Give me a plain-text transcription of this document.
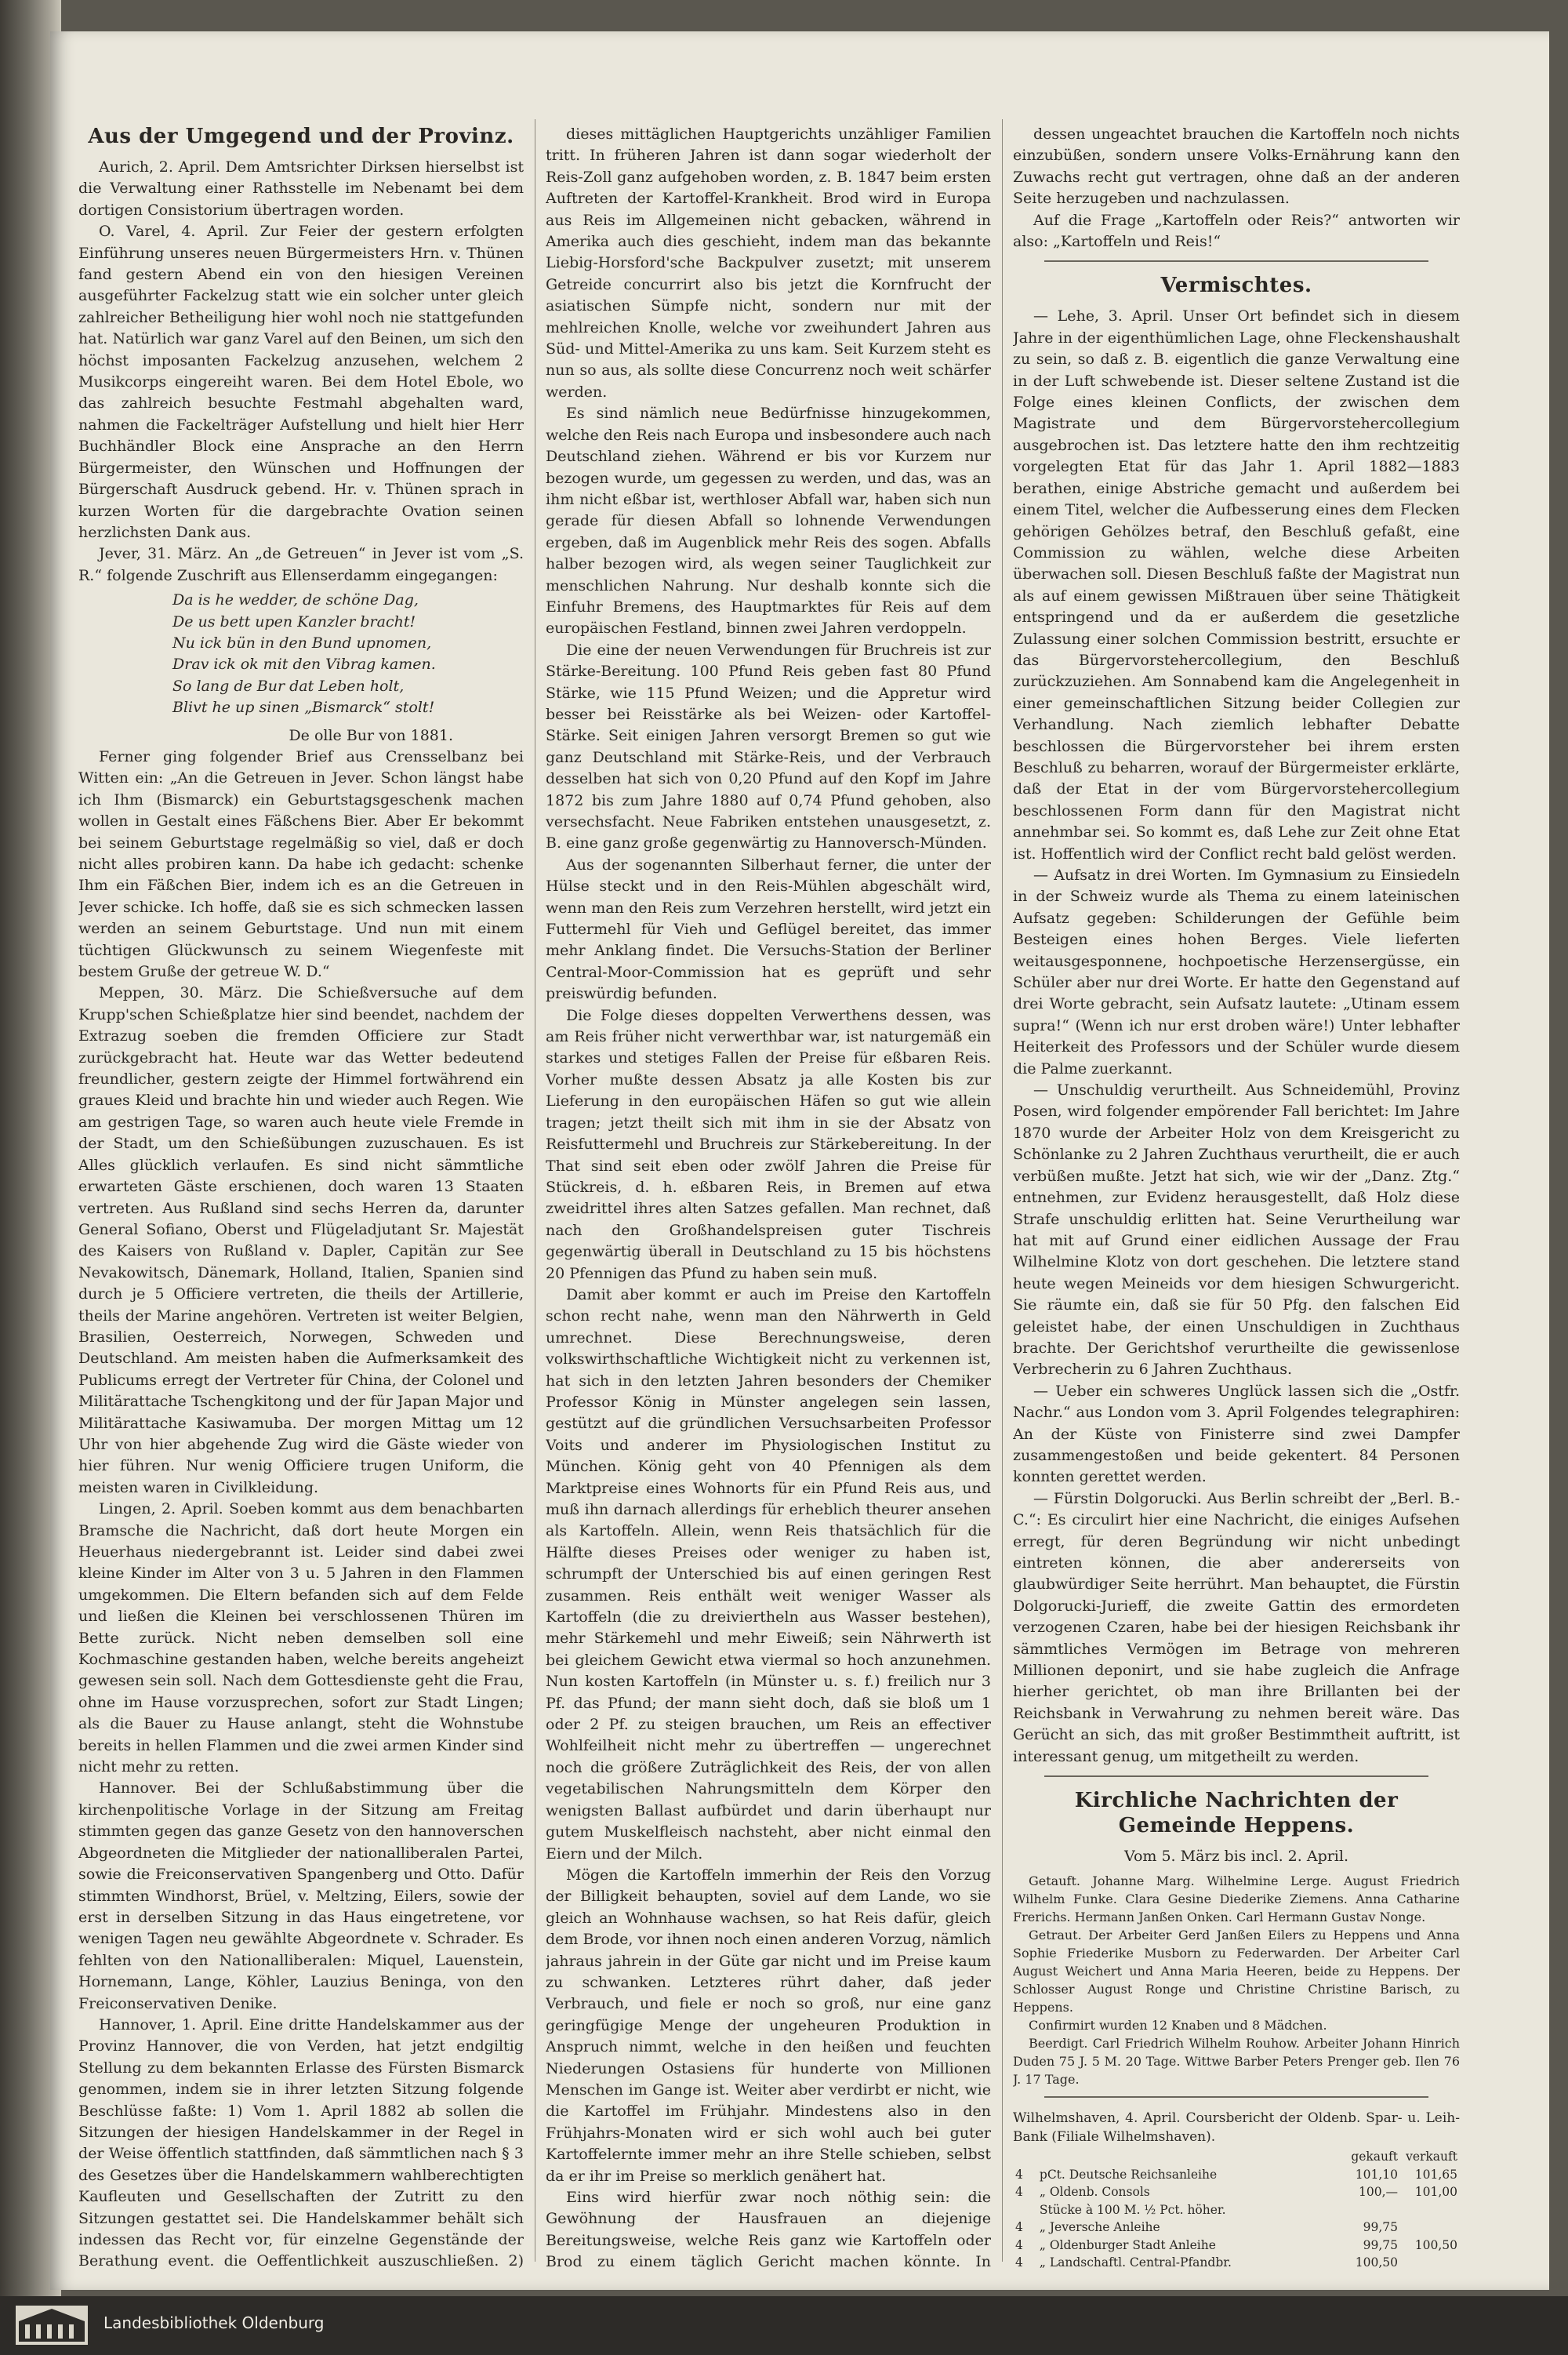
Aus der Umgegend und der Provinz.

Aurich, 2. April. Dem Amtsrichter Dirksen hierselbst ist die Verwaltung einer Rathsstelle im Nebenamt bei dem dortigen Consistorium übertragen worden.

O. Varel, 4. April. Zur Feier der gestern erfolgten Einführung unseres neuen Bürgermeisters Hrn. v. Thünen fand gestern Abend ein von den hiesigen Vereinen ausgeführter Fackelzug statt wie ein solcher unter gleich zahlreicher Betheiligung hier wohl noch nie stattgefunden hat. Natürlich war ganz Varel auf den Beinen, um sich den höchst imposanten Fackelzug anzusehen, welchem 2 Musikcorps eingereiht waren. Bei dem Hotel Ebole, wo das zahlreich besuchte Festmahl abgehalten ward, nahmen die Fackelträger Aufstellung und hielt hier Herr Buchhändler Block eine Ansprache an den Herrn Bürgermeister, den Wünschen und Hoffnungen der Bürgerschaft Ausdruck gebend. Hr. v. Thünen sprach in kurzen Worten für die dargebrachte Ovation seinen herzlichsten Dank aus.

Jever, 31. März. An „de Getreuen“ in Jever ist vom „S. R.“ folgende Zuschrift aus Ellenserdamm eingegangen:

Da is he wedder, de schöne Dag,
De us bett upen Kanzler bracht!
Nu ick bün in den Bund upnomen,
Drav ick ok mit den Vibrag kamen.
So lang de Bur dat Leben holt,
Blivt he up sinen „Bismarck“ stolt!
De olle Bur von 1881.

Ferner ging folgender Brief aus Crensselbanz bei Witten ein: „An die Getreuen in Jever. Schon längst habe ich Ihm (Bismarck) ein Geburtstagsgeschenk machen wollen in Gestalt eines Fäßchens Bier. Aber Er bekommt bei seinem Geburtstage regelmäßig so viel, daß er doch nicht alles probiren kann. Da habe ich gedacht: schenke Ihm ein Fäßchen Bier, indem ich es an die Getreuen in Jever schicke. Ich hoffe, daß sie es sich schmecken lassen werden an seinem Geburtstage. Und nun mit einem tüchtigen Glückwunsch zu seinem Wiegenfeste mit bestem Gruße der getreue W. D.“

Meppen, 30. März. Die Schießversuche auf dem Krupp'schen Schießplatze hier sind beendet, nachdem der Extrazug soeben die fremden Officiere zur Stadt zurückgebracht hat. Heute war das Wetter bedeutend freundlicher, gestern zeigte der Himmel fortwährend ein graues Kleid und brachte hin und wieder auch Regen. Wie am gestrigen Tage, so waren auch heute viele Fremde in der Stadt, um den Schießübungen zuzuschauen. Es ist Alles glücklich verlaufen. Es sind nicht sämmtliche erwarteten Gäste erschienen, doch waren 13 Staaten vertreten. Aus Rußland sind sechs Herren da, darunter General Sofiano, Oberst und Flügeladjutant Sr. Majestät des Kaisers von Rußland v. Dapler, Capitän zur See Nevakowitsch, Dänemark, Holland, Italien, Spanien sind durch je 5 Officiere vertreten, die theils der Artillerie, theils der Marine angehören. Vertreten ist weiter Belgien, Brasilien, Oesterreich, Norwegen, Schweden und Deutschland. Am meisten haben die Aufmerksamkeit des Publicums erregt der Vertreter für China, der Colonel und Militärattache Tschengkitong und der für Japan Major und Militärattache Kasiwamuba. Der morgen Mittag um 12 Uhr von hier abgehende Zug wird die Gäste wieder von hier führen. Nur wenig Officiere trugen Uniform, die meisten waren in Civilkleidung.

Lingen, 2. April. Soeben kommt aus dem benachbarten Bramsche die Nachricht, daß dort heute Morgen ein Heuerhaus niedergebrannt ist. Leider sind dabei zwei kleine Kinder im Alter von 3 u. 5 Jahren in den Flammen umgekommen. Die Eltern befanden sich auf dem Felde und ließen die Kleinen bei verschlossenen Thüren im Bette zurück. Nicht neben demselben soll eine Kochmaschine gestanden haben, welche bereits angeheizt gewesen sein soll. Nach dem Gottesdienste geht die Frau, ohne im Hause vorzusprechen, sofort zur Stadt Lingen; als die Bauer zu Hause anlangt, steht die Wohnstube bereits in hellen Flammen und die zwei armen Kinder sind nicht mehr zu retten.

Hannover. Bei der Schlußabstimmung über die kirchenpolitische Vorlage in der Sitzung am Freitag stimmten gegen das ganze Gesetz von den hannoverschen Abgeordneten die Mitglieder der nationalliberalen Partei, sowie die Freiconservativen Spangenberg und Otto. Dafür stimmten Windhorst, Brüel, v. Meltzing, Eilers, sowie der erst in derselben Sitzung in das Haus eingetretene, vor wenigen Tagen neu gewählte Abgeordnete v. Schrader. Es fehlten von den Nationalliberalen: Miquel, Lauenstein, Hornemann, Lange, Köhler, Lauzius Beninga, von den Freiconservativen Denike.

Hannover, 1. April. Eine dritte Handelskammer aus der Provinz Hannover, die von Verden, hat jetzt endgiltig Stellung zu dem bekannten Erlasse des Fürsten Bismarck genommen, indem sie in ihrer letzten Sitzung folgende Beschlüsse faßte: 1) Vom 1. April 1882 ab sollen die Sitzungen der hiesigen Handelskammer in der Regel in der Weise öffentlich stattfinden, daß sämmtlichen nach § 3 des Gesetzes über die Handelskammern wahlberechtigten Kaufleuten und Gesellschaften der Zutritt zu den Sitzungen gestattet sei. Die Handelskammer behält sich indessen das Recht vor, für einzelne Gegenstände der Berathung event. die Oeffentlichkeit auszuschließen. 2)

dieses mittäglichen Hauptgerichts unzähliger Familien tritt. In früheren Jahren ist dann sogar wiederholt der Reis-Zoll ganz aufgehoben worden, z. B. 1847 beim ersten Auftreten der Kartoffel-Krankheit. Brod wird in Europa aus Reis im Allgemeinen nicht gebacken, während in Amerika auch dies geschieht, indem man das bekannte Liebig-Horsford'sche Backpulver zusetzt; mit unserem Getreide concurrirt also bis jetzt die Kornfrucht der asiatischen Sümpfe nicht, sondern nur mit der mehlreichen Knolle, welche vor zweihundert Jahren aus Süd- und Mittel-Amerika zu uns kam. Seit Kurzem steht es nun so aus, als sollte diese Concurrenz noch weit schärfer werden.

Es sind nämlich neue Bedürfnisse hinzugekommen, welche den Reis nach Europa und insbesondere auch nach Deutschland ziehen. Während er bis vor Kurzem nur bezogen wurde, um gegessen zu werden, und das, was an ihm nicht eßbar ist, werthloser Abfall war, haben sich nun gerade für diesen Abfall so lohnende Verwendungen ergeben, daß im Augenblick mehr Reis des sogen. Abfalls halber bezogen wird, als wegen seiner Tauglichkeit zur menschlichen Nahrung. Nur deshalb konnte sich die Einfuhr Bremens, des Hauptmarktes für Reis auf dem europäischen Festland, binnen zwei Jahren verdoppeln.

Die eine der neuen Verwendungen für Bruchreis ist zur Stärke-Bereitung. 100 Pfund Reis geben fast 80 Pfund Stärke, wie 115 Pfund Weizen; und die Appretur wird besser bei Reisstärke als bei Weizen- oder Kartoffel-Stärke. Seit einigen Jahren versorgt Bremen so gut wie ganz Deutschland mit Stärke-Reis, und der Verbrauch desselben hat sich von 0,20 Pfund auf den Kopf im Jahre 1872 bis zum Jahre 1880 auf 0,74 Pfund gehoben, also versechsfacht. Neue Fabriken entstehen unausgesetzt, z. B. eine ganz große gegenwärtig zu Hannoversch-Münden.

Aus der sogenannten Silberhaut ferner, die unter der Hülse steckt und in den Reis-Mühlen abgeschält wird, wenn man den Reis zum Verzehren herstellt, wird jetzt ein Futtermehl für Vieh und Geflügel bereitet, das immer mehr Anklang findet. Die Versuchs-Station der Berliner Central-Moor-Commission hat es geprüft und sehr preiswürdig befunden.

Die Folge dieses doppelten Verwerthens dessen, was am Reis früher nicht verwerthbar war, ist naturgemäß ein starkes und stetiges Fallen der Preise für eßbaren Reis. Vorher mußte dessen Absatz ja alle Kosten bis zur Lieferung in den europäischen Häfen so gut wie allein tragen; jetzt theilt sich mit ihm in sie der Absatz von Reisfuttermehl und Bruchreis zur Stärkebereitung. In der That sind seit eben oder zwölf Jahren die Preise für Stückreis, d. h. eßbaren Reis, in Bremen auf etwa zweidrittel ihres alten Satzes gefallen. Man rechnet, daß nach den Großhandelspreisen guter Tischreis gegenwärtig überall in Deutschland zu 15 bis höchstens 20 Pfennigen das Pfund zu haben sein muß.

Damit aber kommt er auch im Preise den Kartoffeln schon recht nahe, wenn man den Nährwerth in Geld umrechnet. Diese Berechnungsweise, deren volkswirthschaftliche Wichtigkeit nicht zu verkennen ist, hat sich in den letzten Jahren besonders der Chemiker Professor König in Münster angelegen sein lassen, gestützt auf die gründlichen Versuchsarbeiten Professor Voits und anderer im Physiologischen Institut zu München. König geht von 40 Pfennigen als dem Marktpreise eines Wohnorts für ein Pfund Reis aus, und muß ihn darnach allerdings für erheblich theurer ansehen als Kartoffeln. Allein, wenn Reis thatsächlich für die Hälfte dieses Preises oder weniger zu haben ist, schrumpft der Unterschied bis auf einen geringen Rest zusammen. Reis enthält weit weniger Wasser als Kartoffeln (die zu dreiviertheln aus Wasser bestehen), mehr Stärkemehl und mehr Eiweiß; sein Nährwerth ist bei gleichem Gewicht etwa viermal so hoch anzunehmen. Nun kosten Kartoffeln (in Münster u. s. f.) freilich nur 3 Pf. das Pfund; der mann sieht doch, daß sie bloß um 1 oder 2 Pf. zu steigen brauchen, um Reis an effectiver Wohlfeilheit nicht mehr zu übertreffen — ungerechnet noch die größere Zuträglichkeit des Reis, der von allen vegetabilischen Nahrungsmitteln dem Körper den wenigsten Ballast aufbürdet und darin überhaupt nur gutem Muskelfleisch nachsteht, aber nicht einmal den Eiern und der Milch.

Mögen die Kartoffeln immerhin der Reis den Vorzug der Billigkeit behaupten, soviel auf dem Lande, wo sie gleich an Wohnhause wachsen, so hat Reis dafür, gleich dem Brode, vor ihnen noch einen anderen Vorzug, nämlich jahraus jahrein in der Güte gar nicht und im Preise kaum zu schwanken. Letzteres rührt daher, daß jeder Verbrauch, und fiele er noch so groß, nur eine ganz geringfügige Menge der ungeheuren Produktion in Anspruch nimmt, welche in den heißen und feuchten Niederungen Ostasiens für hunderte von Millionen Menschen im Gange ist. Weiter aber verdirbt er nicht, wie die Kartoffel im Frühjahr. Mindestens also in den Frühjahrs-Monaten wird er sich wohl auch bei guter Kartoffelernte immer mehr an ihre Stelle schieben, selbst da er ihr im Preise so merklich genähert hat.

Eins wird hierfür zwar noch nöthig sein: die Gewöhnung der Hausfrauen an diejenige Bereitungsweise, welche Reis ganz wie Kartoffeln oder Brod zu einem täglich Gericht machen könnte. In

dessen ungeachtet brauchen die Kartoffeln noch nichts einzubüßen, sondern unsere Volks-Ernährung kann den Zuwachs recht gut vertragen, ohne daß an der anderen Seite herzugeben und nachzulassen.

Auf die Frage „Kartoffeln oder Reis?“ antworten wir also: „Kartoffeln und Reis!“

Vermischtes.

— Lehe, 3. April. Unser Ort befindet sich in diesem Jahre in der eigenthümlichen Lage, ohne Fleckenshaushalt zu sein, so daß z. B. eigentlich die ganze Verwaltung eine in der Luft schwebende ist. Dieser seltene Zustand ist die Folge eines kleinen Conflicts, der zwischen dem Magistrate und dem Bürgervorstehercollegium ausgebrochen ist. Das letztere hatte den ihm rechtzeitig vorgelegten Etat für das Jahr 1. April 1882—1883 berathen, einige Abstriche gemacht und außerdem bei einem Titel, welcher die Aufbesserung eines dem Flecken gehörigen Gehölzes betraf, den Beschluß gefaßt, eine Commission zu wählen, welche diese Arbeiten überwachen soll. Diesen Beschluß faßte der Magistrat nun als auf einem gewissen Mißtrauen über seine Thätigkeit entspringend und da er außerdem die gesetzliche Zulassung einer solchen Commission bestritt, ersuchte er das Bürgervorstehercollegium, den Beschluß zurückzuziehen. Am Sonnabend kam die Angelegenheit in einer gemeinschaftlichen Sitzung beider Collegien zur Verhandlung. Nach ziemlich lebhafter Debatte beschlossen die Bürgervorsteher bei ihrem ersten Beschluß zu beharren, worauf der Bürgermeister erklärte, daß der Etat in der vom Bürgervorstehercollegium beschlossenen Form dann für den Magistrat nicht annehmbar sei. So kommt es, daß Lehe zur Zeit ohne Etat ist. Hoffentlich wird der Conflict recht bald gelöst werden.

— Aufsatz in drei Worten. Im Gymnasium zu Einsiedeln in der Schweiz wurde als Thema zu einem lateinischen Aufsatz gegeben: Schilderungen der Gefühle beim Besteigen eines hohen Berges. Viele lieferten weitausgesponnene, hochpoetische Herzensergüsse, ein Schüler aber nur drei Worte. Er hatte den Gegenstand auf drei Worte gebracht, sein Aufsatz lautete: „Utinam essem supra!“ (Wenn ich nur erst droben wäre!) Unter lebhafter Heiterkeit des Professors und der Schüler wurde diesem die Palme zuerkannt.

— Unschuldig verurtheilt. Aus Schneidemühl, Provinz Posen, wird folgender empörender Fall berichtet: Im Jahre 1870 wurde der Arbeiter Holz von dem Kreisgericht zu Schönlanke zu 2 Jahren Zuchthaus verurtheilt, die er auch verbüßen mußte. Jetzt hat sich, wie wir der „Danz. Ztg.“ entnehmen, zur Evidenz herausgestellt, daß Holz diese Strafe unschuldig erlitten hat. Seine Verurtheilung war hat mit auf Grund einer eidlichen Aussage der Frau Wilhelmine Klotz von dort geschehen. Die letztere stand heute wegen Meineids vor dem hiesigen Schwurgericht. Sie räumte ein, daß sie für 50 Pfg. den falschen Eid geleistet habe, der einen Unschuldigen in Zuchthaus brachte. Der Gerichtshof verurtheilte die gewissenlose Verbrecherin zu 6 Jahren Zuchthaus.

— Ueber ein schweres Unglück lassen sich die „Ostfr. Nachr.“ aus London vom 3. April Folgendes telegraphiren: An der Küste von Finisterre sind zwei Dampfer zusammengestoßen und beide gekentert. 84 Personen konnten gerettet werden.

— Fürstin Dolgorucki. Aus Berlin schreibt der „Berl. B.-C.“: Es circulirt hier eine Nachricht, die einiges Aufsehen erregt, für deren Begründung wir nicht unbedingt eintreten können, die aber andererseits von glaubwürdiger Seite herrührt. Man behauptet, die Fürstin Dolgorucki-Jurieff, die zweite Gattin des ermordeten verzogenen Czaren, habe bei der hiesigen Reichsbank ihr sämmtliches Vermögen im Betrage von mehreren Millionen deponirt, und sie habe zugleich die Anfrage hierher gerichtet, ob man ihre Brillanten bei der Reichsbank in Verwahrung zu nehmen bereit wäre. Das Gerücht an sich, das mit großer Bestimmtheit auftritt, ist interessant genug, um mitgetheilt zu werden.

Kirchliche Nachrichten der Gemeinde Heppens.
Vom 5. März bis incl. 2. April.

Getauft. Johanne Marg. Wilhelmine Lerge. August Friedrich Wilhelm Funke. Clara Gesine Diederike Ziemens. Anna Catharine Frerichs. Hermann Janßen Onken. Carl Hermann Gustav Nonge.

Getraut. Der Arbeiter Gerd Janßen Eilers zu Heppens und Anna Sophie Friederike Musborn zu Federwarden. Der Arbeiter Carl August Weichert und Anna Maria Heeren, beide zu Heppens. Der Schlosser August Ronge und Christine Christine Barisch, zu Heppens.

Confirmirt wurden 12 Knaben und 8 Mädchen.

Beerdigt. Carl Friedrich Wilhelm Rouhow. Arbeiter Johann Hinrich Duden 75 J. 5 M. 20 Tage. Wittwe Barber Peters Prenger geb. Ilen 76 J. 17 Tage.

Wilhelmshaven, 4. April. Coursbericht der Oldenb. Spar- u. Leih-Bank (Filiale Wilhelmshaven).
		gekauft	verkauft
4	pCt. Deutsche Reichsanleihe	101,10	101,65
4	„ Oldenb. Consols	100,—	101,00
	Stücke à 100 M. ½ Pct. höher.		
4	„ Jeversche Anleihe	99,75	
4	„ Oldenburger Stadt Anleihe	99,75	100,50
4	„ Landschaftl. Central-Pfandbr.	100,50	

Landesbibliothek Oldenburg
